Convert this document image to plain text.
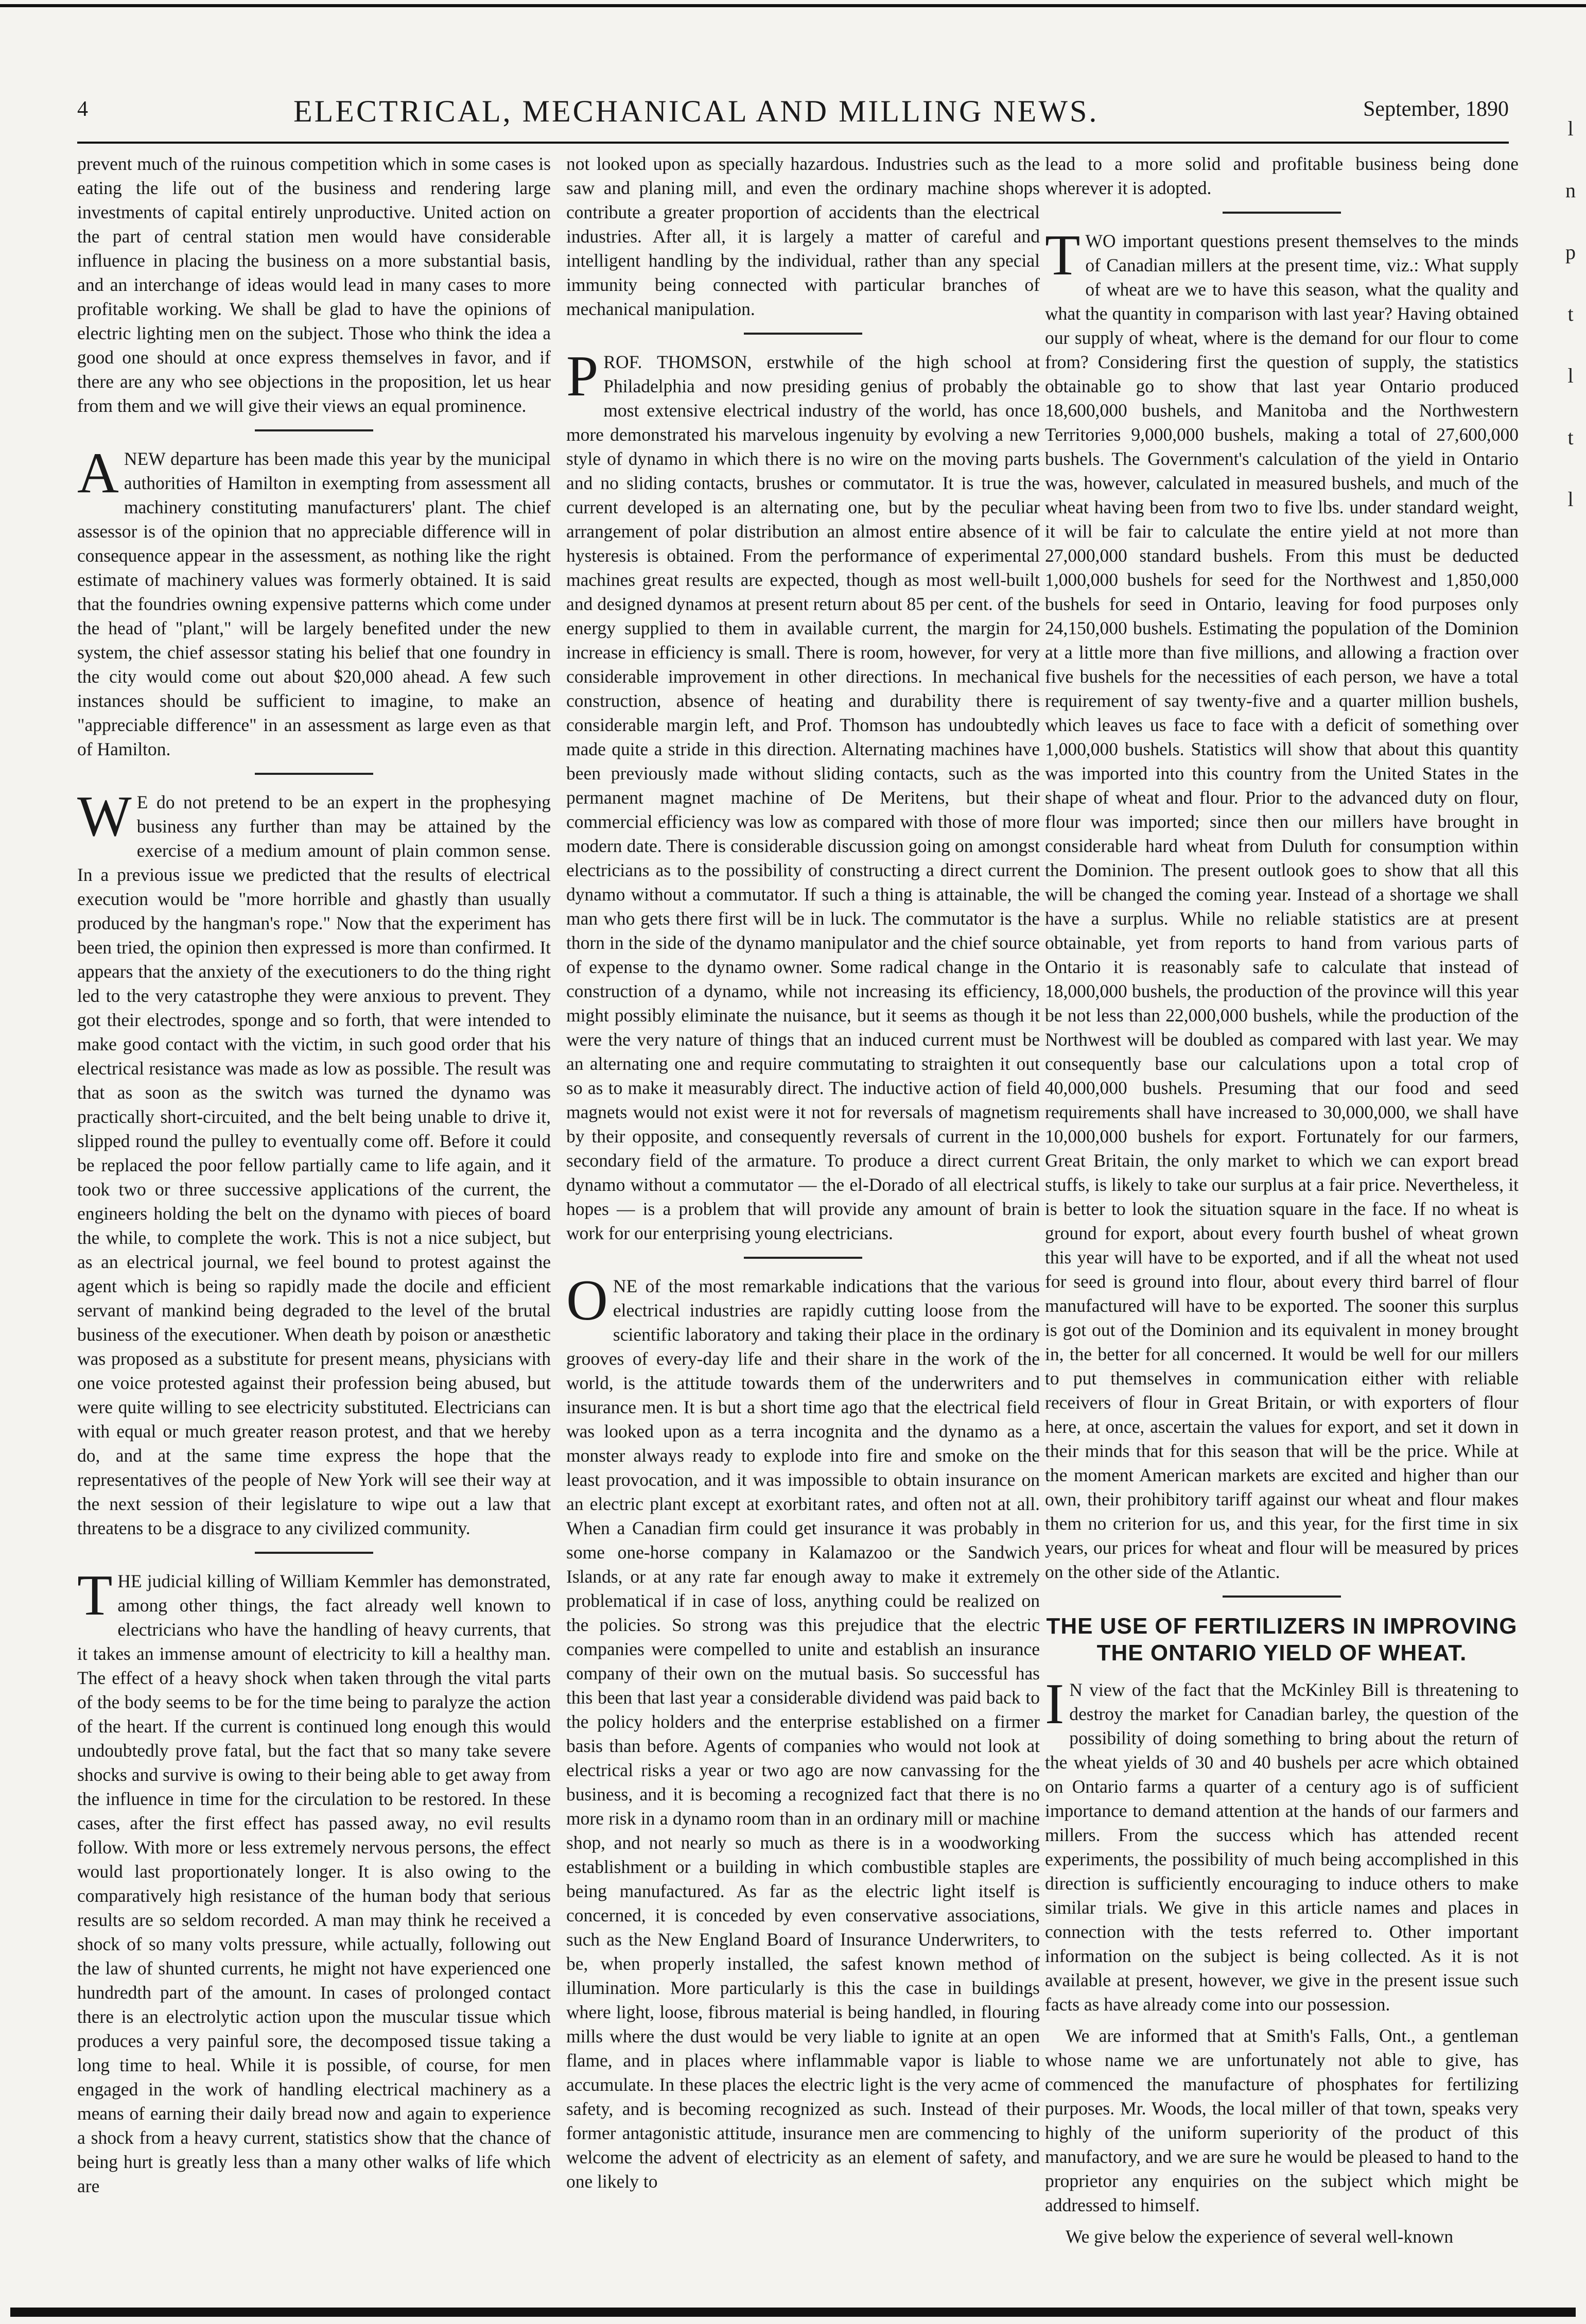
4	ELECTRICAL, MECHANICAL AND MILLING NEWS.	September, 1890
l
n
p
t
l
t
l

prevent much of the ruinous competition which in some cases is eating the life out of the business and rendering large investments of capital entirely unproductive. United action on the part of central station men would have considerable influence in placing the business on a more substantial basis, and an interchange of ideas would lead in many cases to more profitable working. We shall be glad to have the opinions of electric lighting men on the subject. Those who think the idea a good one should at once express themselves in favor, and if there are any who see objections in the proposition, let us hear from them and we will give their views an equal prominence.

ANEW departure has been made this year by the municipal authorities of Hamilton in exempting from assessment all machinery constituting manufacturers' plant. The chief assessor is of the opinion that no appreciable difference will in consequence appear in the assessment, as nothing like the right estimate of machinery values was formerly obtained. It is said that the foundries owning expensive patterns which come under the head of "plant," will be largely benefited under the new system, the chief assessor stating his belief that one foundry in the city would come out about $20,000 ahead. A few such instances should be sufficient to imagine, to make an "appreciable difference" in an assessment as large even as that of Hamilton.

W E do not pretend to be an expert in the prophesying business any further than may be attained by the exercise of a medium amount of plain common sense. In a previous issue we predicted that the results of electrical execution would be "more horrible and ghastly than usually produced by the hangman's rope." Now that the experiment has been tried, the opinion then expressed is more than confirmed. It appears that the anxiety of the executioners to do the thing right led to the very catastrophe they were anxious to prevent. They got their electrodes, sponge and so forth, that were intended to make good contact with the victim, in such good order that his electrical resistance was made as low as possible. The result was that as soon as the switch was turned the dynamo was practically short-circuited, and the belt being unable to drive it, slipped round the pulley to eventually come off. Before it could be replaced the poor fellow partially came to life again, and it took two or three successive applications of the current, the engineers holding the belt on the dynamo with pieces of board the while, to complete the work. This is not a nice subject, but as an electrical journal, we feel bound to protest against the agent which is being so rapidly made the docile and efficient servant of mankind being degraded to the level of the brutal business of the executioner. When death by poison or anæsthetic was proposed as a substitute for present means, physicians with one voice protested against their profession being abused, but were quite willing to see electricity substituted. Electricians can with equal or much greater reason protest, and that we hereby do, and at the same time express the hope that the representatives of the people of New York will see their way at the next session of their legislature to wipe out a law that threatens to be a disgrace to any civilized community.

THE judicial killing of William Kemmler has demonstrated, among other things, the fact already well known to electricians who have the handling of heavy currents, that it takes an immense amount of electricity to kill a healthy man. The effect of a heavy shock when taken through the vital parts of the body seems to be for the time being to paralyze the action of the heart. If the current is continued long enough this would undoubtedly prove fatal, but the fact that so many take severe shocks and survive is owing to their being able to get away from the influence in time for the circulation to be restored. In these cases, after the first effect has passed away, no evil results follow. With more or less extremely nervous persons, the effect would last proportionately longer. It is also owing to the comparatively high resistance of the human body that serious results are so seldom recorded. A man may think he received a shock of so many volts pressure, while actually, following out the law of shunted currents, he might not have experienced one hundredth part of the amount. In cases of prolonged contact there is an electrolytic action upon the muscular tissue which produces a very painful sore, the decomposed tissue taking a long time to heal. While it is possible, of course, for men engaged in the work of handling electrical machinery as a means of earning their daily bread now and again to experience a shock from a heavy current, statistics show that the chance of being hurt is greatly less than a many other walks of life which are

not looked upon as specially hazardous. Industries such as the saw and planing mill, and even the ordinary machine shops contribute a greater proportion of accidents than the electrical industries. After all, it is largely a matter of careful and intelligent handling by the individual, rather than any special immunity being connected with particular branches of mechanical manipulation.

PROF. THOMSON, erstwhile of the high school at Philadelphia and now presiding genius of probably the most extensive electrical industry of the world, has once more demonstrated his marvelous ingenuity by evolving a new style of dynamo in which there is no wire on the moving parts and no sliding contacts, brushes or commutator. It is true the current developed is an alternating one, but by the peculiar arrangement of polar distribution an almost entire absence of hysteresis is obtained. From the performance of experimental machines great results are expected, though as most well-built and designed dynamos at present return about 85 per cent. of the energy supplied to them in available current, the margin for increase in efficiency is small. There is room, however, for very considerable improvement in other directions. In mechanical construction, absence of heating and durability there is considerable margin left, and Prof. Thomson has undoubtedly made quite a stride in this direction. Alternating machines have been previously made without sliding contacts, such as the permanent magnet machine of De Meritens, but their commercial efficiency was low as compared with those of more modern date. There is considerable discussion going on amongst electricians as to the possibility of constructing a direct current dynamo without a commutator. If such a thing is attainable, the man who gets there first will be in luck. The commutator is the thorn in the side of the dynamo manipulator and the chief source of expense to the dynamo owner. Some radical change in the construction of a dynamo, while not increasing its efficiency, might possibly eliminate the nuisance, but it seems as though it were the very nature of things that an induced current must be an alternating one and require commutating to straighten it out so as to make it measurably direct. The inductive action of field magnets would not exist were it not for reversals of magnetism by their opposite, and consequently reversals of current in the secondary field of the armature. To produce a direct current dynamo without a commutator — the el-Dorado of all electrical hopes — is a problem that will provide any amount of brain work for our enterprising young electricians.

ONE of the most remarkable indications that the various electrical industries are rapidly cutting loose from the scientific laboratory and taking their place in the ordinary grooves of every-day life and their share in the work of the world, is the attitude towards them of the underwriters and insurance men. It is but a short time ago that the electrical field was looked upon as a terra incognita and the dynamo as a monster always ready to explode into fire and smoke on the least provocation, and it was impossible to obtain insurance on an electric plant except at exorbitant rates, and often not at all. When a Canadian firm could get insurance it was probably in some one-horse company in Kalamazoo or the Sandwich Islands, or at any rate far enough away to make it extremely problematical if in case of loss, anything could be realized on the policies. So strong was this prejudice that the electric companies were compelled to unite and establish an insurance company of their own on the mutual basis. So successful has this been that last year a considerable dividend was paid back to the policy holders and the enterprise established on a firmer basis than before. Agents of companies who would not look at electrical risks a year or two ago are now canvassing for the business, and it is becoming a recognized fact that there is no more risk in a dynamo room than in an ordinary mill or machine shop, and not nearly so much as there is in a woodworking establishment or a building in which combustible staples are being manufactured. As far as the electric light itself is concerned, it is conceded by even conservative associations, such as the New England Board of Insurance Underwriters, to be, when properly installed, the safest known method of illumination. More particularly is this the case in buildings where light, loose, fibrous material is being handled, in flouring mills where the dust would be very liable to ignite at an open flame, and in places where inflammable vapor is liable to accumulate. In these places the electric light is the very acme of safety, and is becoming recognized as such. Instead of their former antagonistic attitude, insurance men are commencing to welcome the advent of electricity as an element of safety, and one likely to

lead to a more solid and profitable business being done wherever it is adopted.

TWO important questions present themselves to the minds of Canadian millers at the present time, viz.: What supply of wheat are we to have this season, what the quality and what the quantity in comparison with last year? Having obtained our supply of wheat, where is the demand for our flour to come from? Considering first the question of supply, the statistics obtainable go to show that last year Ontario produced 18,600,000 bushels, and Manitoba and the Northwestern Territories 9,000,000 bushels, making a total of 27,600,000 bushels. The Government's calculation of the yield in Ontario was, however, calculated in measured bushels, and much of the wheat having been from two to five lbs. under standard weight, it will be fair to calculate the entire yield at not more than 27,000,000 standard bushels. From this must be deducted 1,000,000 bushels for seed for the Northwest and 1,850,000 bushels for seed in Ontario, leaving for food purposes only 24,150,000 bushels. Estimating the population of the Dominion at a little more than five millions, and allowing a fraction over five bushels for the necessities of each person, we have a total requirement of say twenty-five and a quarter million bushels, which leaves us face to face with a deficit of something over 1,000,000 bushels. Statistics will show that about this quantity was imported into this country from the United States in the shape of wheat and flour. Prior to the advanced duty on flour, flour was imported; since then our millers have brought in considerable hard wheat from Duluth for consumption within the Dominion. The present outlook goes to show that all this will be changed the coming year. Instead of a shortage we shall have a surplus. While no reliable statistics are at present obtainable, yet from reports to hand from various parts of Ontario it is reasonably safe to calculate that instead of 18,000,000 bushels, the production of the province will this year be not less than 22,000,000 bushels, while the production of the Northwest will be doubled as compared with last year. We may consequently base our calculations upon a total crop of 40,000,000 bushels. Presuming that our food and seed requirements shall have increased to 30,000,000, we shall have 10,000,000 bushels for export. Fortunately for our farmers, Great Britain, the only market to which we can export bread stuffs, is likely to take our surplus at a fair price. Nevertheless, it is better to look the situation square in the face. If no wheat is ground for export, about every fourth bushel of wheat grown this year will have to be exported, and if all the wheat not used for seed is ground into flour, about every third barrel of flour manufactured will have to be exported. The sooner this surplus is got out of the Dominion and its equivalent in money brought in, the better for all concerned. It would be well for our millers to put themselves in communication either with reliable receivers of flour in Great Britain, or with exporters of flour here, at once, ascertain the values for export, and set it down in their minds that for this season that will be the price. While at the moment American markets are excited and higher than our own, their prohibitory tariff against our wheat and flour makes them no criterion for us, and this year, for the first time in six years, our prices for wheat and flour will be measured by prices on the other side of the Atlantic.

THE USE OF FERTILIZERS IN IMPROVING THE ONTARIO YIELD OF WHEAT.

I N view of the fact that the McKinley Bill is threatening to destroy the market for Canadian barley, the question of the possibility of doing something to bring about the return of the wheat yields of 30 and 40 bushels per acre which obtained on Ontario farms a quarter of a century ago is of sufficient importance to demand attention at the hands of our farmers and millers. From the success which has attended recent experiments, the possibility of much being accomplished in this direction is sufficiently encouraging to induce others to make similar trials. We give in this article names and places in connection with the tests referred to. Other important information on the subject is being collected. As it is not available at present, however, we give in the present issue such facts as have already come into our possession.

We are informed that at Smith's Falls, Ont., a gentleman whose name we are unfortunately not able to give, has commenced the manufacture of phosphates for fertilizing purposes. Mr. Woods, the local miller of that town, speaks very highly of the uniform superiority of the product of this manufactory, and we are sure he would be pleased to hand to the proprietor any enquiries on the subject which might be addressed to himself.

We give below the experience of several well-known
